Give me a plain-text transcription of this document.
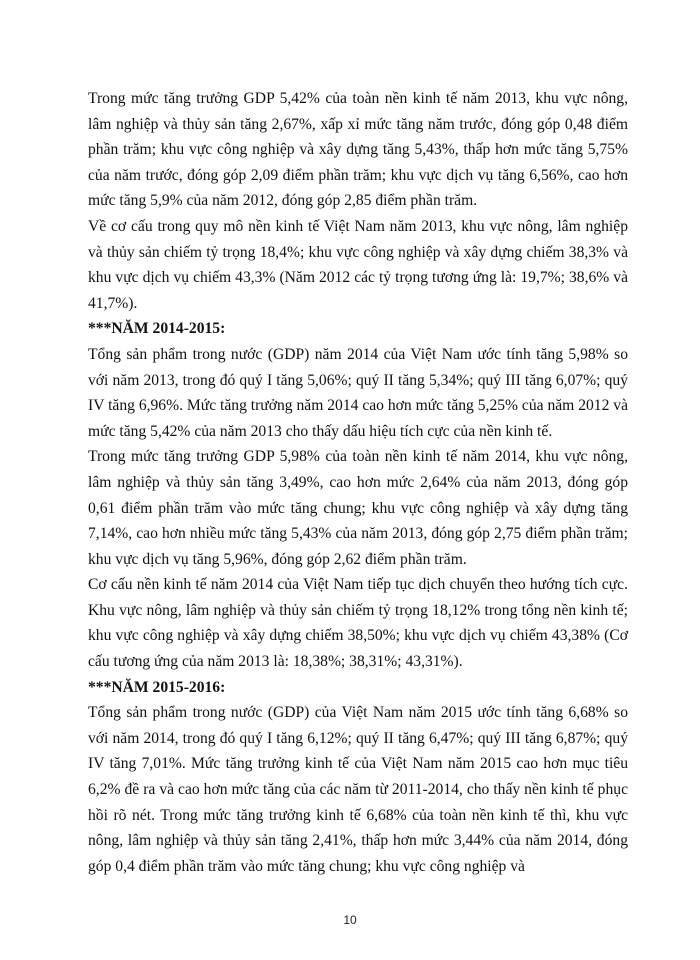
Trong mức tăng trưởng GDP 5,42% của toàn nền kinh tế năm 2013, khu vực nông, lâm nghiệp và thủy sản tăng 2,67%, xấp xỉ mức tăng năm trước, đóng góp 0,48 điểm phần trăm; khu vực công nghiệp và xây dựng tăng 5,43%, thấp hơn mức tăng 5,75% của năm trước, đóng góp 2,09 điểm phần trăm; khu vực dịch vụ tăng 6,56%, cao hơn mức tăng 5,9% của năm 2012, đóng góp 2,85 điểm phần trăm.

Về cơ cấu trong quy mô nền kinh tế Việt Nam năm 2013, khu vực nông, lâm nghiệp và thủy sản chiếm tỷ trọng 18,4%; khu vực công nghiệp và xây dựng chiếm 38,3% và khu vực dịch vụ chiếm 43,3% (Năm 2012 các tỷ trọng tương ứng là: 19,7%; 38,6% và 41,7%).

***NĂM 2014-2015:

Tổng sản phẩm trong nước (GDP) năm 2014 của Việt Nam ước tính tăng 5,98% so với năm 2013, trong đó quý I tăng 5,06%; quý II tăng 5,34%; quý III tăng 6,07%; quý IV tăng 6,96%. Mức tăng trưởng năm 2014 cao hơn mức tăng 5,25% của năm 2012 và mức tăng 5,42% của năm 2013 cho thấy dấu hiệu tích cực của nền kinh tế.

Trong mức tăng trưởng GDP 5,98% của toàn nền kinh tế năm 2014, khu vực nông, lâm nghiệp và thủy sản tăng 3,49%, cao hơn mức 2,64% của năm 2013, đóng góp 0,61 điểm phần trăm vào mức tăng chung; khu vực công nghiệp và xây dựng tăng 7,14%, cao hơn nhiều mức tăng 5,43% của năm 2013, đóng góp 2,75 điểm phần trăm; khu vực dịch vụ tăng 5,96%, đóng góp 2,62 điểm phần trăm.

Cơ cấu nền kinh tế năm 2014 của Việt Nam tiếp tục dịch chuyển theo hướng tích cực. Khu vực nông, lâm nghiệp và thủy sản chiếm tỷ trọng 18,12% trong tổng nền kinh tế; khu vực công nghiệp và xây dựng chiếm 38,50%; khu vực dịch vụ chiếm 43,38% (Cơ cấu tương ứng của năm 2013 là: 18,38%; 38,31%; 43,31%).

***NĂM 2015-2016:

Tổng sản phẩm trong nước (GDP) của Việt Nam năm 2015 ước tính tăng 6,68% so với năm 2014, trong đó quý I tăng 6,12%; quý II tăng 6,47%; quý III tăng 6,87%; quý IV tăng 7,01%. Mức tăng trưởng kinh tế của Việt Nam năm 2015 cao hơn mục tiêu 6,2% đề ra và cao hơn mức tăng của các năm từ 2011-2014, cho thấy nền kinh tế phục hồi rõ nét. Trong mức tăng trưởng kinh tế 6,68% của toàn nền kinh tế thì, khu vực nông, lâm nghiệp và thủy sản tăng 2,41%, thấp hơn mức 3,44% của năm 2014, đóng góp 0,4 điểm phần trăm vào mức tăng chung; khu vực công nghiệp và

10
